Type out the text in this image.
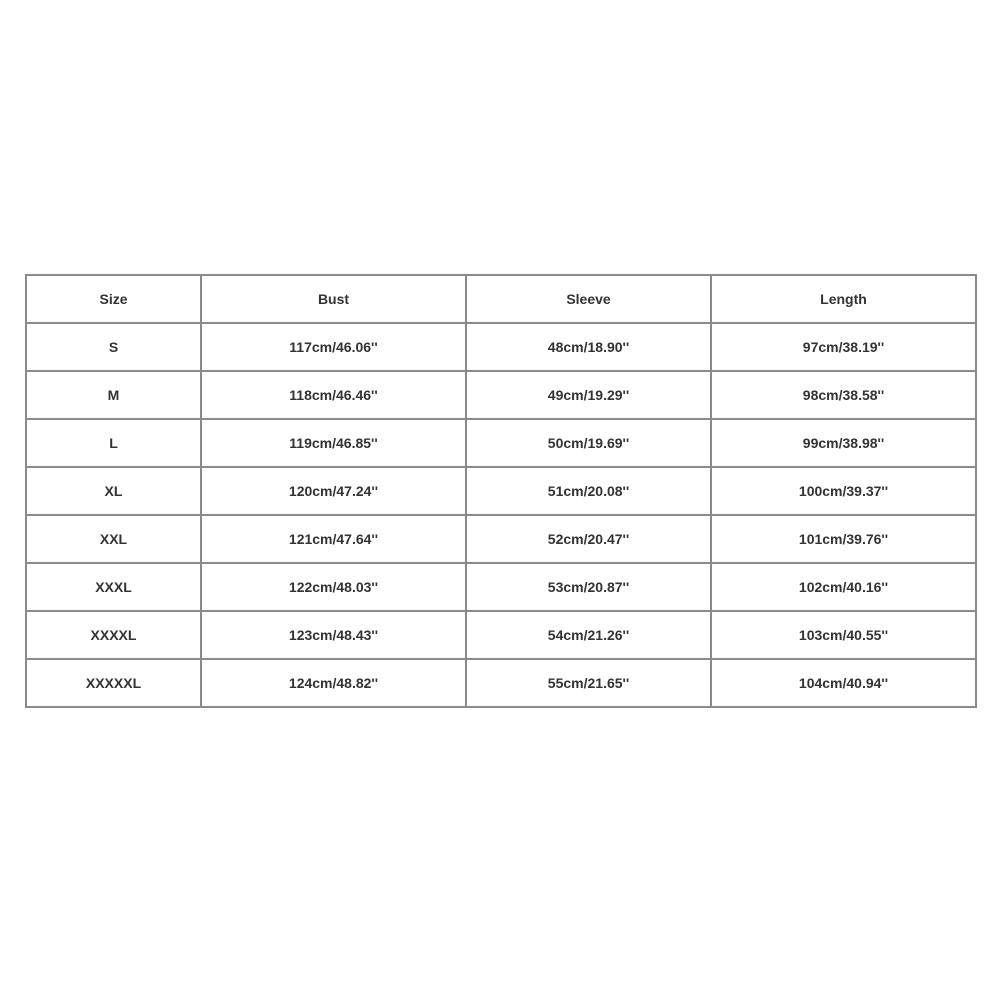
Size	Bust	Sleeve	Length
S	117cm/46.06''	48cm/18.90''	97cm/38.19''
M	118cm/46.46''	49cm/19.29''	98cm/38.58''
L	119cm/46.85''	50cm/19.69''	99cm/38.98''
XL	120cm/47.24''	51cm/20.08''	100cm/39.37''
XXL	121cm/47.64''	52cm/20.47''	101cm/39.76''
XXXL	122cm/48.03''	53cm/20.87''	102cm/40.16''
XXXXL	123cm/48.43''	54cm/21.26''	103cm/40.55''
XXXXXL	124cm/48.82''	55cm/21.65''	104cm/40.94''
